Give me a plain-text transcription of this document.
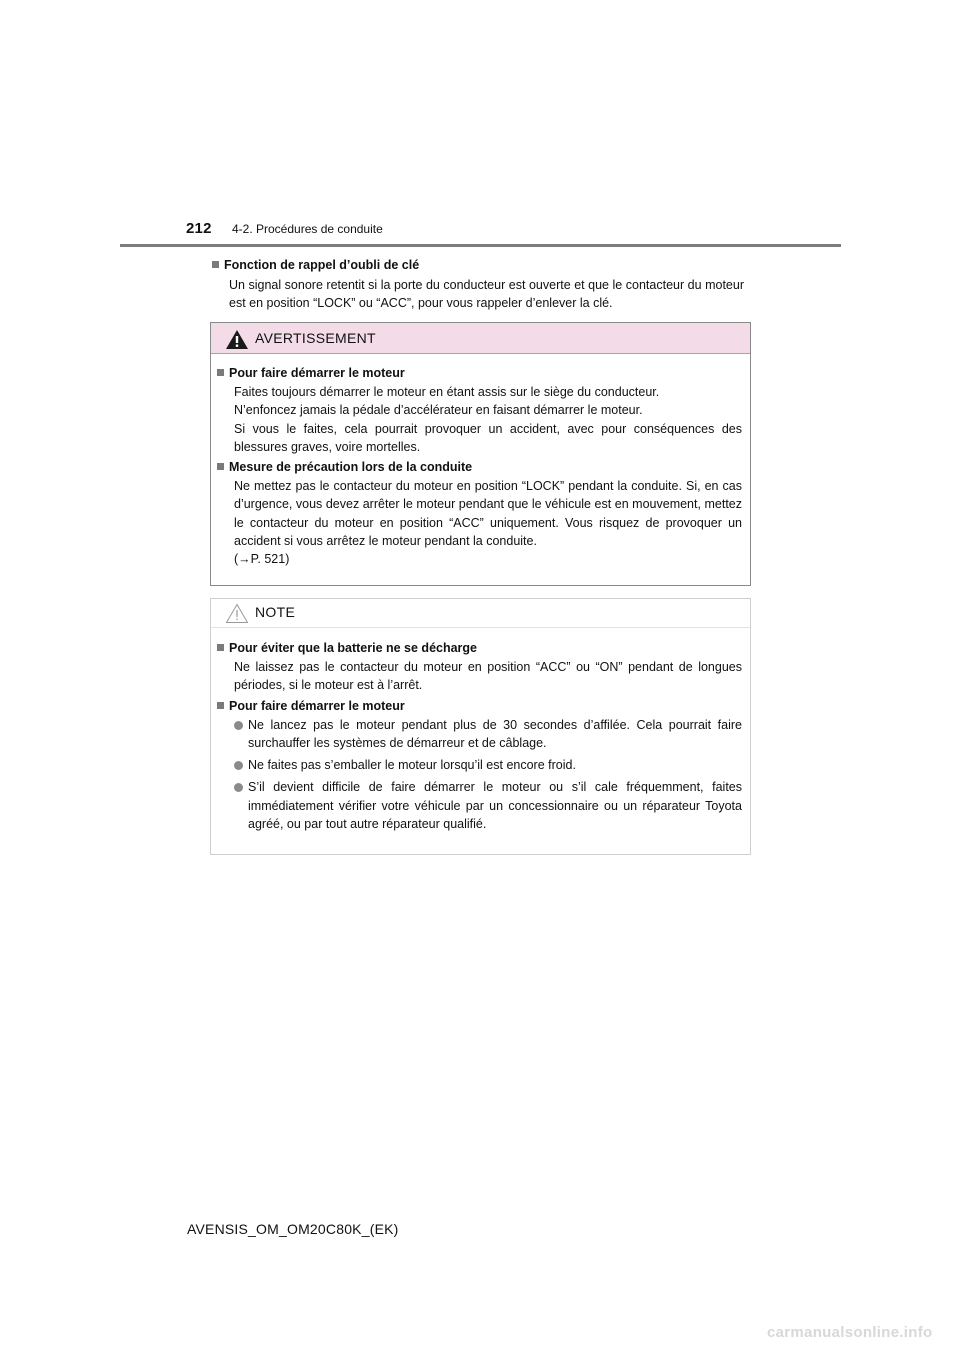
212 4-2. Procédures de conduite
Fonction de rappel d’oubli de clé
Un signal sonore retentit si la porte du conducteur est ouverte et que le contacteur du moteur est en position “LOCK” ou “ACC”, pour vous rappeler d’enlever la clé.
AVERTISSEMENT
Pour faire démarrer le moteur
Faites toujours démarrer le moteur en étant assis sur le siège du conducteur.
N’enfoncez jamais la pédale d’accélérateur en faisant démarrer le moteur.
Si vous le faites, cela pourrait provoquer un accident, avec pour conséquences des blessures graves, voire mortelles.
Mesure de précaution lors de la conduite
Ne mettez pas le contacteur du moteur en position “LOCK” pendant la conduite. Si, en cas d’urgence, vous devez arrêter le moteur pendant que le véhicule est en mouvement, mettez le contacteur du moteur en position “ACC” uniquement. Vous risquez de provoquer un accident si vous arrêtez le moteur pendant la conduite.
(→P. 521)
NOTE
Pour éviter que la batterie ne se décharge
Ne laissez pas le contacteur du moteur en position “ACC” ou “ON” pendant de longues périodes, si le moteur est à l’arrêt.
Pour faire démarrer le moteur
Ne lancez pas le moteur pendant plus de 30 secondes d’affilée. Cela pourrait faire surchauffer les systèmes de démarreur et de câblage.
Ne faites pas s’emballer le moteur lorsqu’il est encore froid.
S’il devient difficile de faire démarrer le moteur ou s’il cale fréquemment, faites immédiatement vérifier votre véhicule par un concessionnaire ou un réparateur Toyota agréé, ou par tout autre réparateur qualifié.
AVENSIS_OM_OM20C80K_(EK)
carmanualsonline.info
